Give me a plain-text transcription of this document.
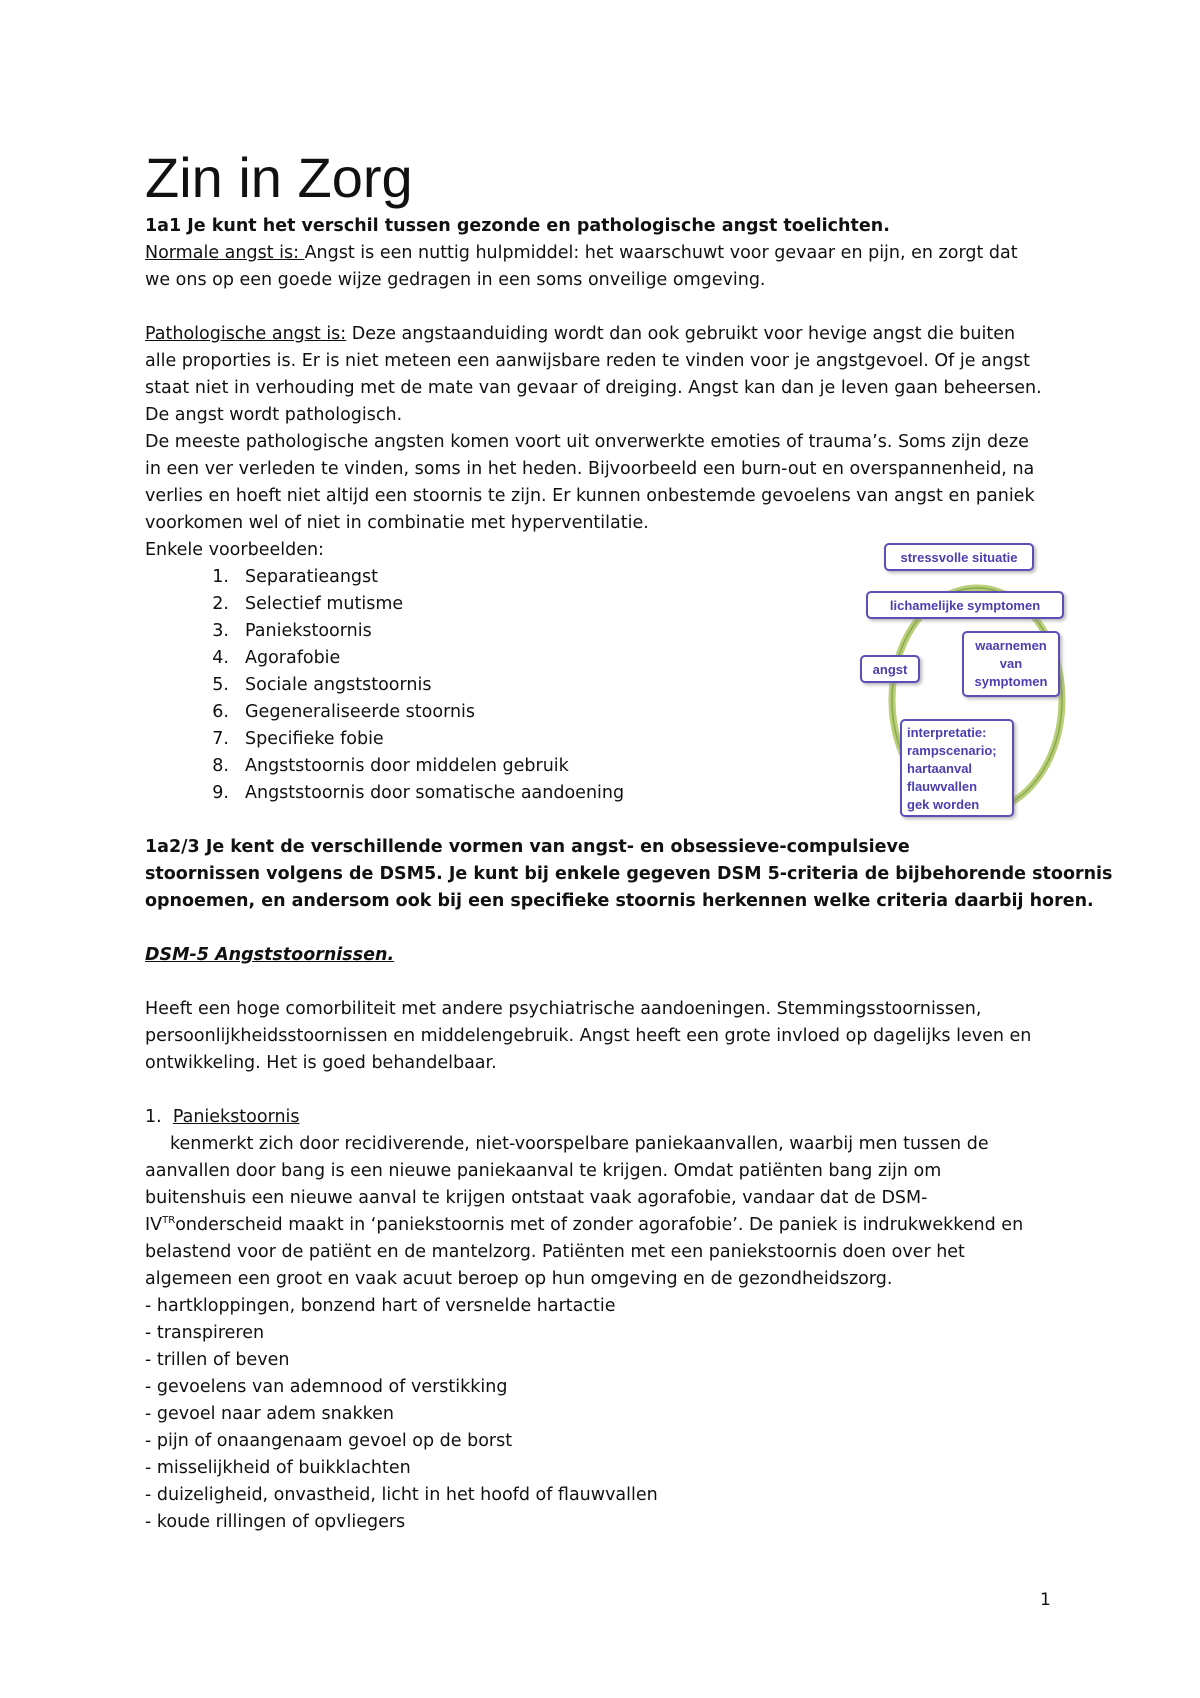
Zin in Zorg

1a1 Je kunt het verschil tussen gezonde en pathologische angst toelichten.

Normale angst is: Angst is een nuttig hulpmiddel: het waarschuwt voor gevaar en pijn, en zorgt dat

we ons op een goede wijze gedragen in een soms onveilige omgeving.

Pathologische angst is: Deze angstaanduiding wordt dan ook gebruikt voor hevige angst die buiten

alle proporties is. Er is niet meteen een aanwijsbare reden te vinden voor je angstgevoel. Of je angst

staat niet in verhouding met de mate van gevaar of dreiging. Angst kan dan je leven gaan beheersen.

De angst wordt pathologisch.

De meeste pathologische angsten komen voort uit onverwerkte emoties of trauma’s. Soms zijn deze

in een ver verleden te vinden, soms in het heden. Bijvoorbeeld een burn-out en overspannenheid, na

verlies en hoeft niet altijd een stoornis te zijn. Er kunnen onbestemde gevoelens van angst en paniek

voorkomen wel of niet in combinatie met hyperventilatie.

Enkele voorbeelden:

1. Separatieangst
2. Selectief mutisme
3. Paniekstoornis
4. Agorafobie
5. Sociale angststoornis
6. Gegeneraliseerde stoornis
7. Specifieke fobie
8. Angststoornis door middelen gebruik
9. Angststoornis door somatische aandoening
stressvolle situatie
lichamelijke symptomen
angst
waarnemen
van
symptomen
interpretatie:
rampscenario;
hartaanval
flauwvallen
gek worden

1a2/3 Je kent de verschillende vormen van angst- en obsessieve-compulsieve

stoornissen volgens de DSM5. Je kunt bij enkele gegeven DSM 5-criteria de bijbehorende stoornis

opnoemen, en andersom ook bij een specifieke stoornis herkennen welke criteria daarbij horen.

DSM-5 Angststoornissen.

Heeft een hoge comorbiliteit met andere psychiatrische aandoeningen. Stemmingsstoornissen,

persoonlijkheidsstoornissen en middelengebruik. Angst heeft een grote invloed op dagelijks leven en

ontwikkeling. Het is goed behandelbaar.

1. Paniekstoornis

kenmerkt zich door recidiverende, niet-voorspelbare paniekaanvallen, waarbij men tussen de

aanvallen door bang is een nieuwe paniekaanval te krijgen. Omdat patiënten bang zijn om

buitenshuis een nieuwe aanval te krijgen ontstaat vaak agorafobie, vandaar dat de DSM-

$IV^{TR}onderscheid$ maakt in ‘paniekstoornis met of zonder agorafobie’. De paniek is indrukwekkend en

belastend voor de patiënt en de mantelzorg. Patiënten met een paniekstoornis doen over het

algemeen een groot en vaak acuut beroep op hun omgeving en de gezondheidszorg.

- hartkloppingen, bonzend hart of versnelde hartactie

- transpireren

- trillen of beven

- gevoelens van ademnood of verstikking

- gevoel naar adem snakken

- pijn of onaangenaam gevoel op de borst

- misselijkheid of buikklachten

- duizeligheid, onvastheid, licht in het hoofd of flauwvallen

- koude rillingen of opvliegers

1
